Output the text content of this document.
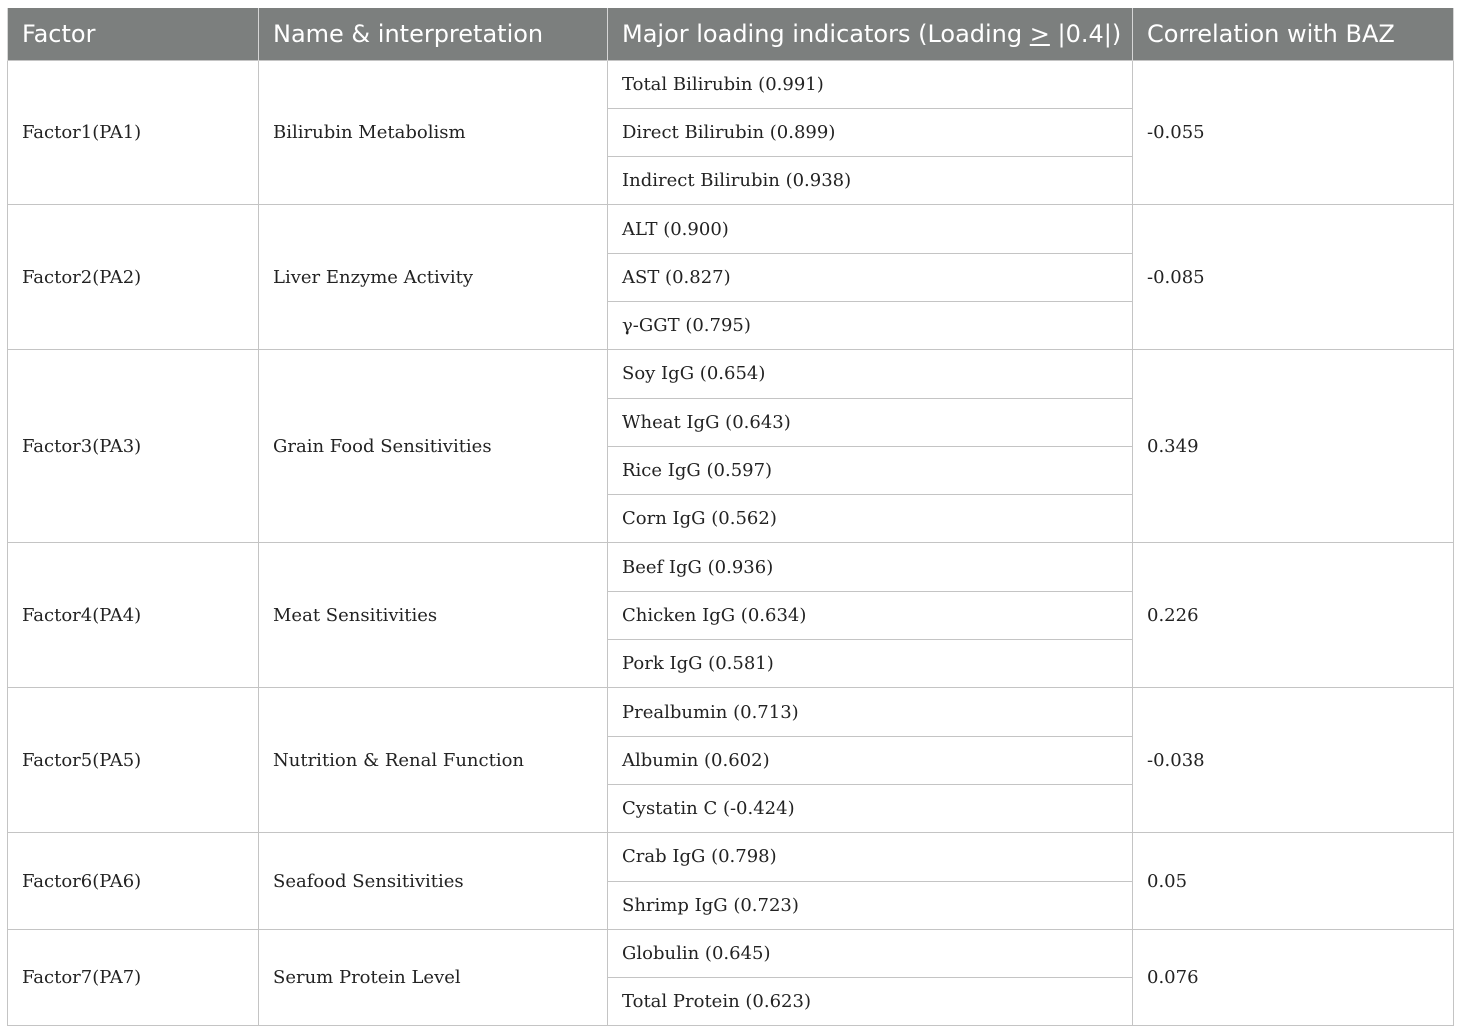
Factor	Name & interpretation	Major loading indicators (Loading > |0.4|)	Correlation with BAZ
Factor1(PA1)	Bilirubin Metabolism	Total Bilirubin (0.991)	-0.055
		Direct Bilirubin (0.899)	
		Indirect Bilirubin (0.938)	
Factor2(PA2)	Liver Enzyme Activity	ALT (0.900)	-0.085
		AST (0.827)	
		γ-GGT (0.795)	
Factor3(PA3)	Grain Food Sensitivities	Soy IgG (0.654)	0.349
		Wheat IgG (0.643)	
		Rice IgG (0.597)	
		Corn IgG (0.562)	
Factor4(PA4)	Meat Sensitivities	Beef IgG (0.936)	0.226
		Chicken IgG (0.634)	
		Pork IgG (0.581)	
Factor5(PA5)	Nutrition & Renal Function	Prealbumin (0.713)	-0.038
		Albumin (0.602)	
		Cystatin C (-0.424)	
Factor6(PA6)	Seafood Sensitivities	Crab IgG (0.798)	0.05
		Shrimp IgG (0.723)	
Factor7(PA7)	Serum Protein Level	Globulin (0.645)	0.076
		Total Protein (0.623)	
